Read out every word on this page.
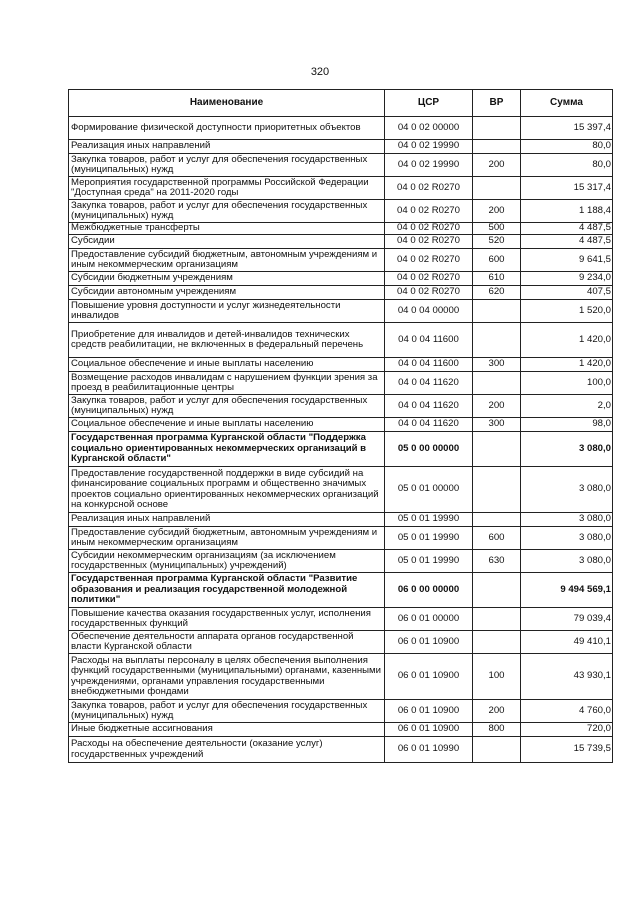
320
Наименование	ЦСР	ВР	Сумма
Формирование физической доступности приоритетных объектов	04 0 02 00000		15 397,4
Реализация иных направлений	04 0 02 19990		80,0
Закупка товаров, работ и услуг для обеспечения государственных (муниципальных) нужд	04 0 02 19990	200	80,0
Мероприятия государственной программы Российской Федерации "Доступная среда" на 2011-2020 годы	04 0 02 R0270		15 317,4
Закупка товаров, работ и услуг для обеспечения государственных (муниципальных) нужд	04 0 02 R0270	200	1 188,4
Межбюджетные трансферты	04 0 02 R0270	500	4 487,5
Субсидии	04 0 02 R0270	520	4 487,5
Предоставление субсидий бюджетным, автономным учреждениям и иным некоммерческим организациям	04 0 02 R0270	600	9 641,5
Субсидии бюджетным учреждениям	04 0 02 R0270	610	9 234,0
Субсидии автономным учреждениям	04 0 02 R0270	620	407,5
Повышение уровня доступности и услуг жизнедеятельности инвалидов	04 0 04 00000		1 520,0
Приобретение для инвалидов и детей-инвалидов технических средств реабилитации, не включенных в федеральный перечень	04 0 04 11600		1 420,0
Социальное обеспечение и иные выплаты населению	04 0 04 11600	300	1 420,0
Возмещение расходов инвалидам с нарушением функции зрения за проезд в реабилитационные центры	04 0 04 11620		100,0
Закупка товаров, работ и услуг для обеспечения государственных (муниципальных) нужд	04 0 04 11620	200	2,0
Социальное обеспечение и иные выплаты населению	04 0 04 11620	300	98,0
Государственная программа Курганской области "Поддержка социально ориентированных некоммерческих организаций в Курганской области"	05 0 00 00000		3 080,0
Предоставление государственной поддержки в виде субсидий на финансирование социальных программ и общественно значимых проектов социально ориентированных некоммерческих организаций на конкурсной основе	05 0 01 00000		3 080,0
Реализация иных направлений	05 0 01 19990		3 080,0
Предоставление субсидий бюджетным, автономным учреждениям и иным некоммерческим организациям	05 0 01 19990	600	3 080,0
Субсидии некоммерческим организациям (за исключением государственных (муниципальных) учреждений)	05 0 01 19990	630	3 080,0
Государственная программа Курганской области "Развитие образования и реализация государственной молодежной политики"	06 0 00 00000		9 494 569,1
Повышение качества оказания государственных услуг, исполнения государственных функций	06 0 01 00000		79 039,4
Обеспечение деятельности аппарата органов государственной власти Курганской области	06 0 01 10900		49 410,1
Расходы на выплаты персоналу в целях обеспечения выполнения функций государственными (муниципальными) органами, казенными учреждениями, органами управления государственными внебюджетными фондами	06 0 01 10900	100	43 930,1
Закупка товаров, работ и услуг для обеспечения государственных (муниципальных) нужд	06 0 01 10900	200	4 760,0
Иные бюджетные ассигнования	06 0 01 10900	800	720,0
Расходы на обеспечение деятельности (оказание услуг) государственных учреждений	06 0 01 10990		15 739,5
